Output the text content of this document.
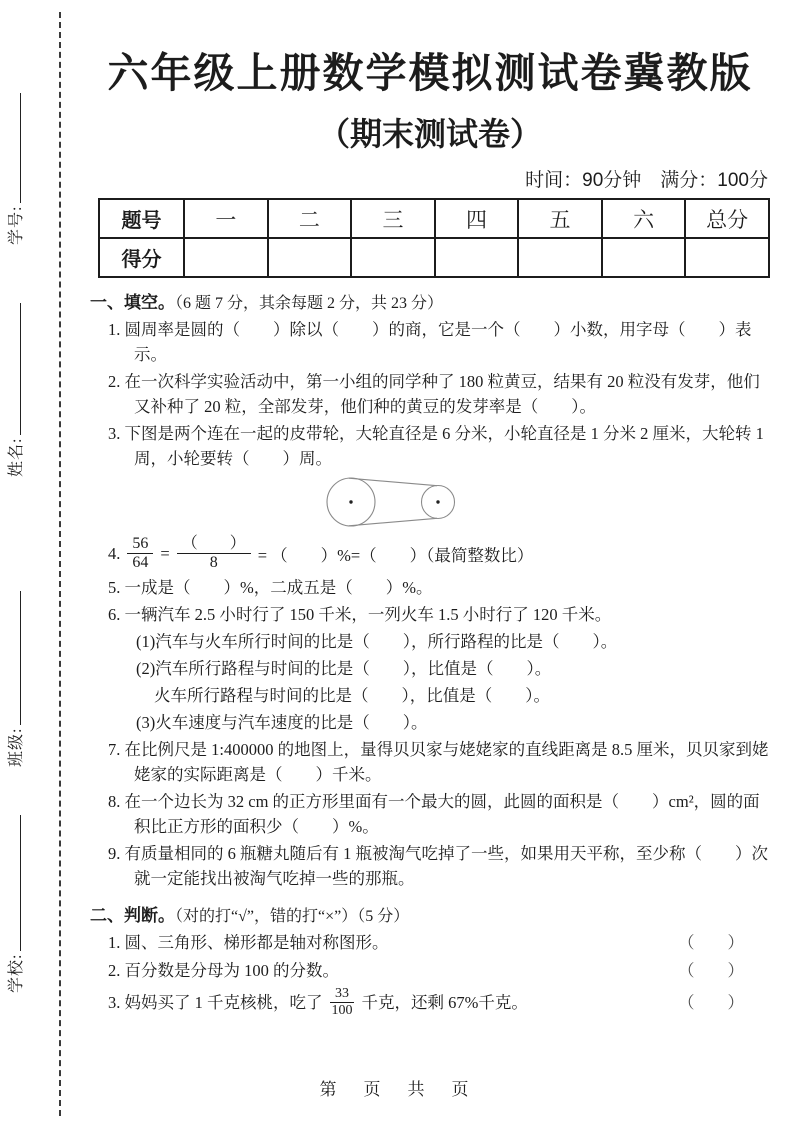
学号:
姓名:
班级:
学校:
六年级上册数学模拟测试卷冀教版
（期末测试卷）
时间：90分钟　满分：100分
题号	一	二	三	四	五	六	总分
得分							
一、填空。（6 题 7 分，其余每题 2 分，共 23 分）
1. 圆周率是圆的（　　）除以（　　）的商，它是一个（　　）小数，用字母（　　）表示。
2. 在一次科学实验活动中，第一小组的同学种了 180 粒黄豆，结果有 20 粒没有发芽，他们又补种了 20 粒，全部发芽，他们种的黄豆的发芽率是（　　）。
3. 下图是两个连在一起的皮带轮，大轮直径是 6 分米，小轮直径是 1 分米 2 厘米，大轮转 1 周，小轮要转（　　）周。
4. $\frac{56}{64} = \frac{( )}{8}$ = （　　）%=（　　）（最简整数比）
5. 一成是（　　）%，二成五是（　　）%。
6. 一辆汽车 2.5 小时行了 150 千米，一列火车 1.5 小时行了 120 千米。
(1)汽车与火车所行时间的比是（　　），所行路程的比是（　　）。
(2)汽车所行路程与时间的比是（　　），比值是（　　）。
火车所行路程与时间的比是（　　），比值是（　　）。
(3)火车速度与汽车速度的比是（　　）。
7. 在比例尺是 1:400000 的地图上，量得贝贝家与姥姥家的直线距离是 8.5 厘米，贝贝家到姥姥家的实际距离是（　　）千米。
8. 在一个边长为 32 cm 的正方形里面有一个最大的圆，此圆的面积是（　　）cm²，圆的面积比正方形的面积少（　　）%。
9. 有质量相同的 6 瓶糖丸随后有 1 瓶被淘气吃掉了一些，如果用天平称，至少称（　　）次就一定能找出被淘气吃掉一些的那瓶。
二、判断。（对的打“√”，错的打“×”）（5 分）
1. 圆、三角形、梯形都是轴对称图形。	（　　）
2. 百分数是分母为 100 的分数。	（　　）
3. 妈妈买了 1 千克核桃，吃了 $\frac{33}{100}$ 千克，还剩 67%千克。	（　　）
第　页　共　页
